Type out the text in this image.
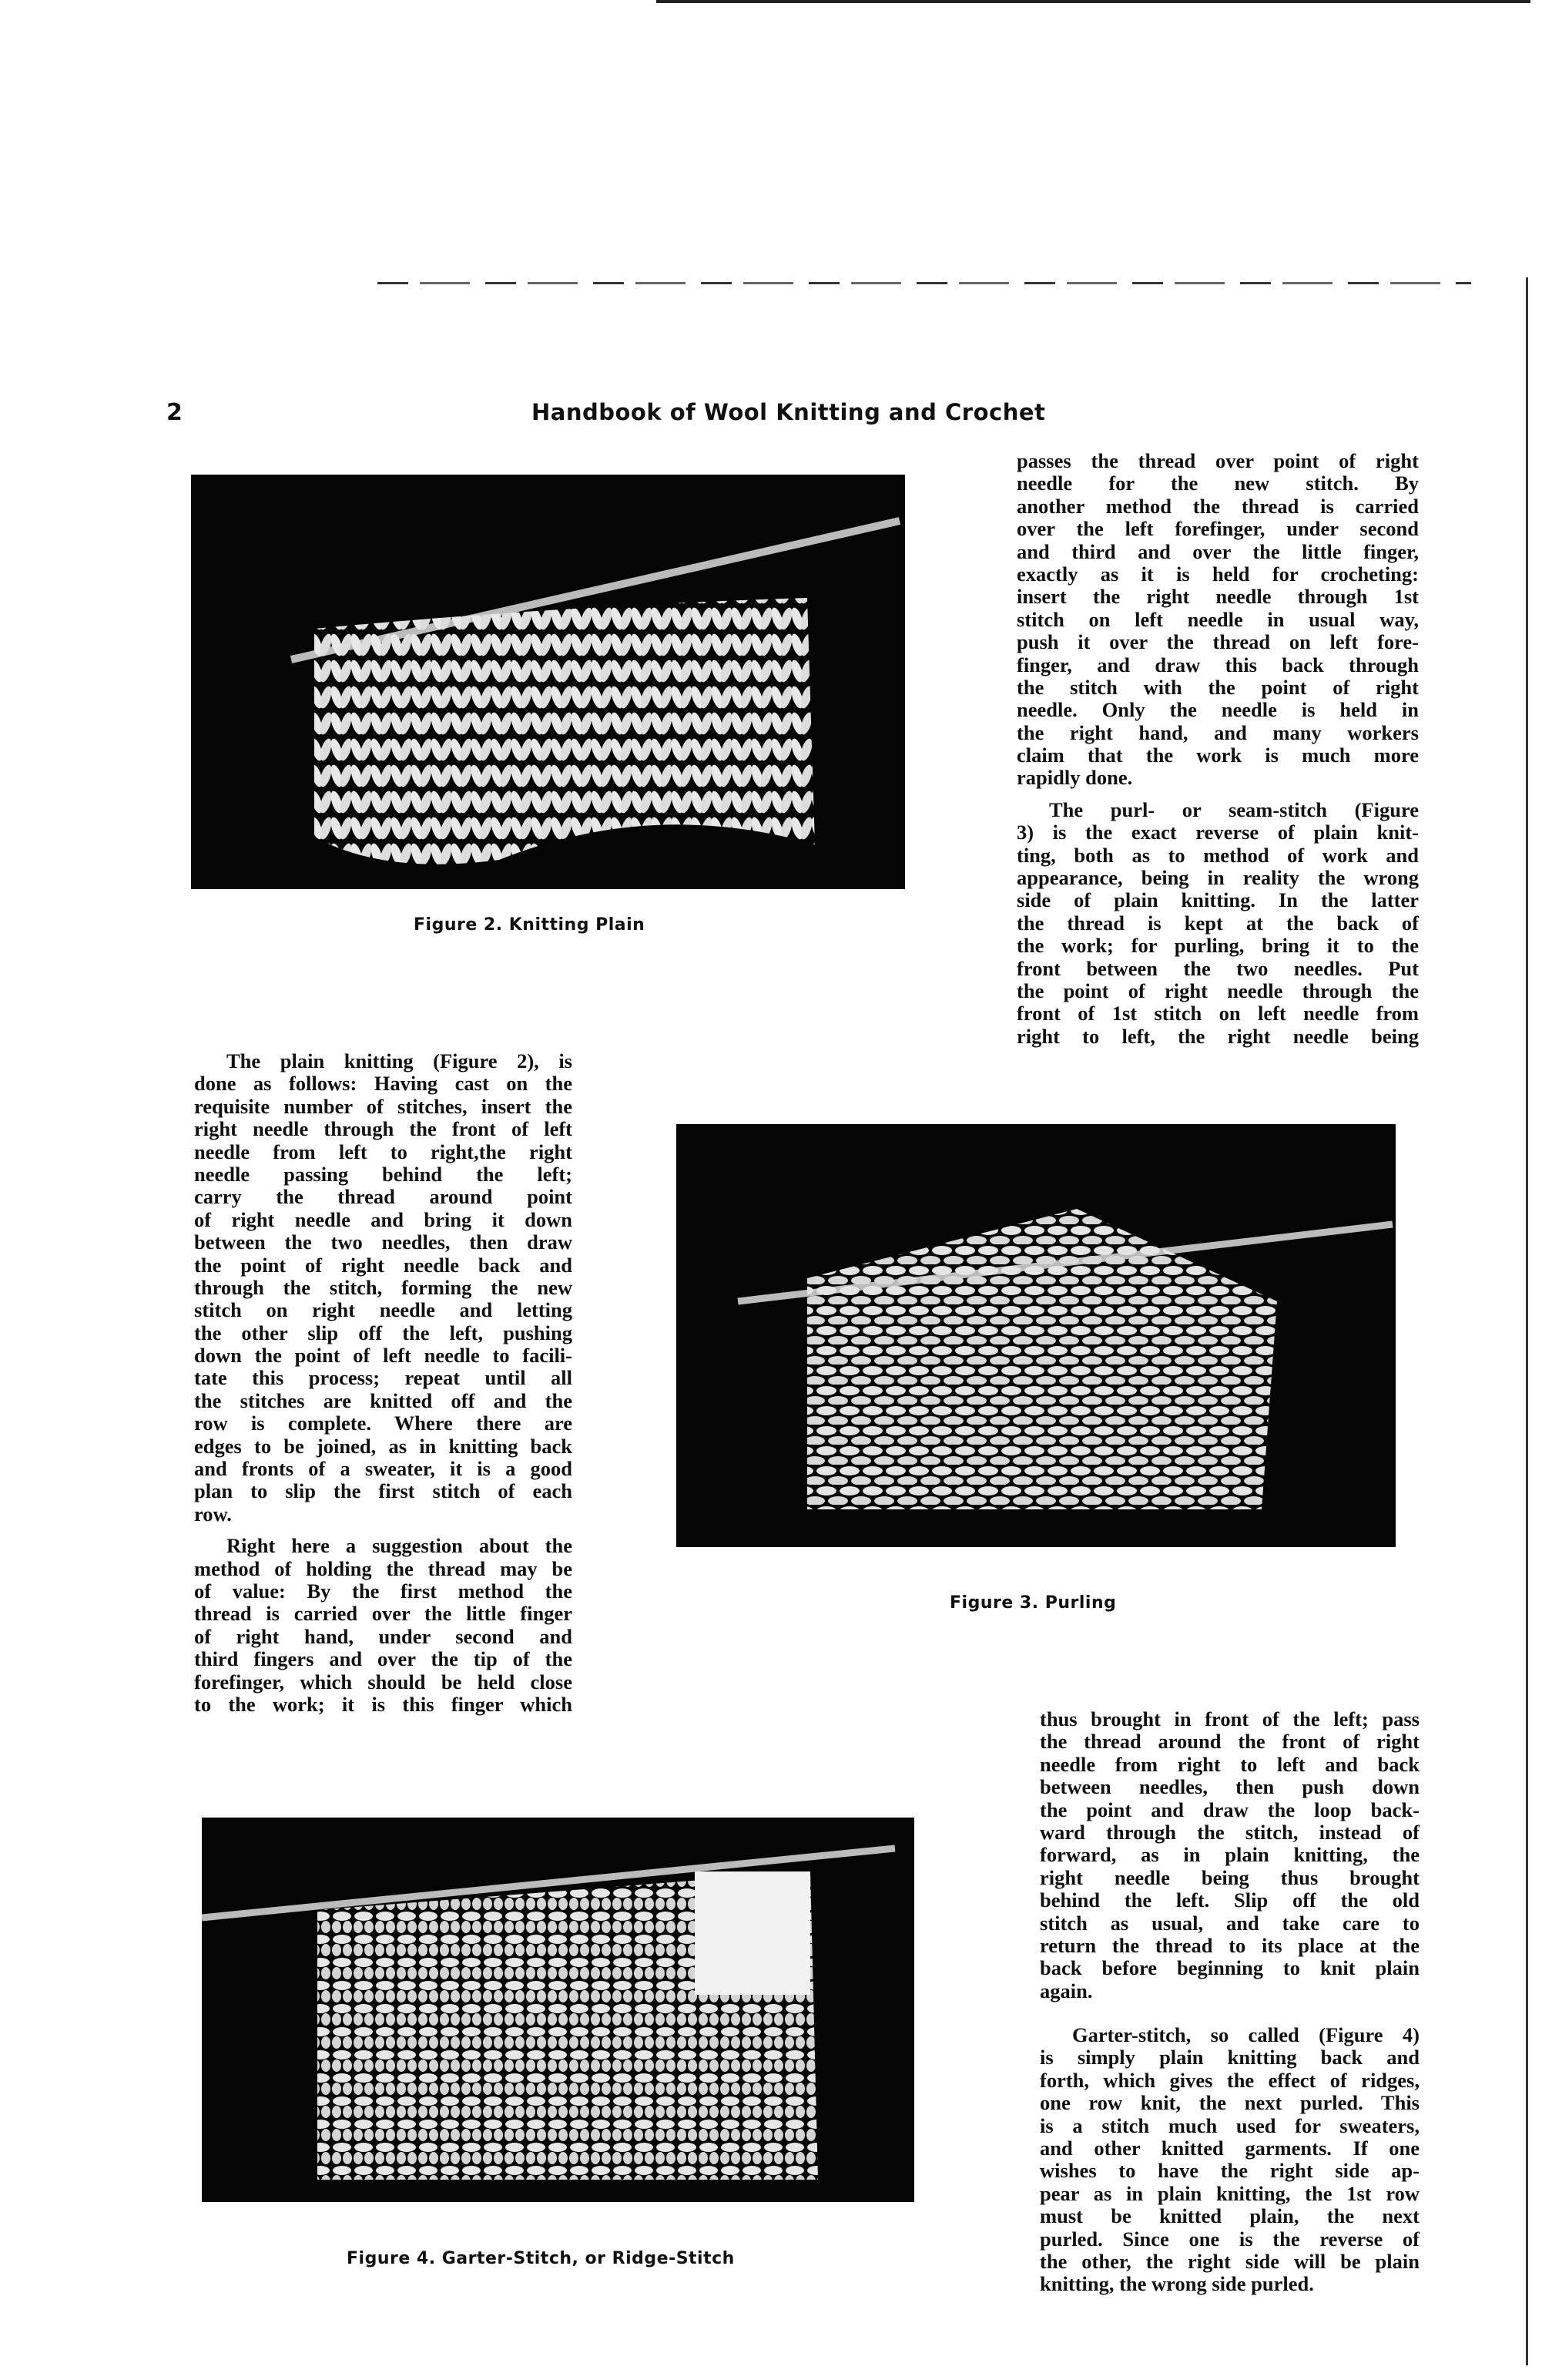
2	Handbook of Wool Knitting and Crochet
Figure 2. Knitting Plain
Figure 3. Purling
Figure 4. Garter-Stitch, or Ridge-Stitch
The plain knitting (Figure 2), is
done as follows: Having cast on the
requisite number of stitches, insert the
right needle through the front of left
needle from left to right,the right
needle passing behind the left;
carry the thread around point
of right needle and bring it down
between the two needles, then draw
the point of right needle back and
through the stitch, forming the new
stitch on right needle and letting
the other slip off the left, pushing
down the point of left needle to facili-
tate this process; repeat until all
the stitches are knitted off and the
row is complete. Where there are
edges to be joined, as in knitting back
and fronts of a sweater, it is a good
plan to slip the first stitch of each
row.
Right here a suggestion about the
method of holding the thread may be
of value: By the first method the
thread is carried over the little finger
of right hand, under second and
third fingers and over the tip of the
forefinger, which should be held close
to the work; it is this finger which
passes the thread over point of right
needle for the new stitch. By
another method the thread is carried
over the left forefinger, under second
and third and over the little finger,
exactly as it is held for crocheting:
insert the right needle through 1st
stitch on left needle in usual way,
push it over the thread on left fore-
finger, and draw this back through
the stitch with the point of right
needle. Only the needle is held in
the right hand, and many workers
claim that the work is much more
rapidly done.
The purl- or seam-stitch (Figure
3) is the exact reverse of plain knit-
ting, both as to method of work and
appearance, being in reality the wrong
side of plain knitting. In the latter
the thread is kept at the back of
the work; for purling, bring it to the
front between the two needles. Put
the point of right needle through the
front of 1st stitch on left needle from
right to left, the right needle being
thus brought in front of the left; pass
the thread around the front of right
needle from right to left and back
between needles, then push down
the point and draw the loop back-
ward through the stitch, instead of
forward, as in plain knitting, the
right needle being thus brought
behind the left. Slip off the old
stitch as usual, and take care to
return the thread to its place at the
back before beginning to knit plain
again.
Garter-stitch, so called (Figure 4)
is simply plain knitting back and
forth, which gives the effect of ridges,
one row knit, the next purled. This
is a stitch much used for sweaters,
and other knitted garments. If one
wishes to have the right side ap-
pear as in plain knitting, the 1st row
must be knitted plain, the next
purled. Since one is the reverse of
the other, the right side will be plain
knitting, the wrong side purled.
